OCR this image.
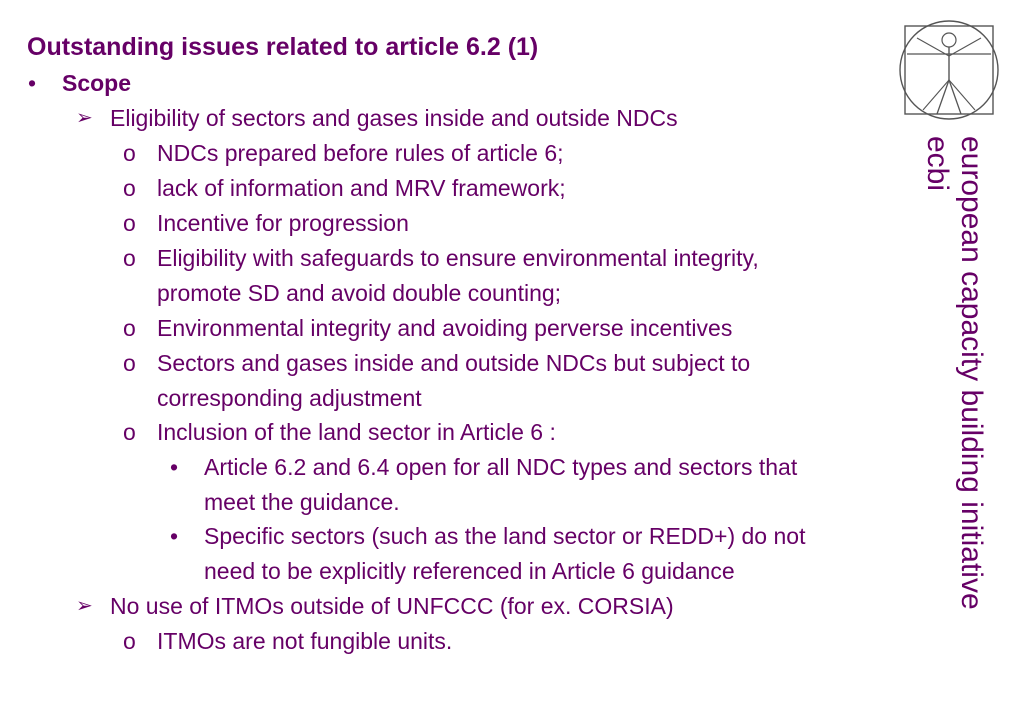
Outstanding issues related to article 6.2 (1)
• Scope
➢ Eligibility of sectors and gases inside and outside NDCs
o NDCs prepared before rules of article 6;
o lack of information and MRV framework;
o Incentive for progression
o Eligibility with safeguards to ensure environmental integrity,
promote SD and avoid double counting;
o Environmental integrity and avoiding perverse incentives
o Sectors and gases inside and outside NDCs but subject to
corresponding adjustment
o Inclusion of the land sector in Article 6 :
• Article 6.2 and 6.4 open for all NDC types and sectors that
meet the guidance.
• Specific sectors (such as the land sector or REDD+) do not
need to be explicitly referenced in Article 6 guidance
➢ No use of ITMOs outside of UNFCCC (for ex. CORSIA)
o ITMOs are not fungible units.
european capacity building initiative
ecbi
